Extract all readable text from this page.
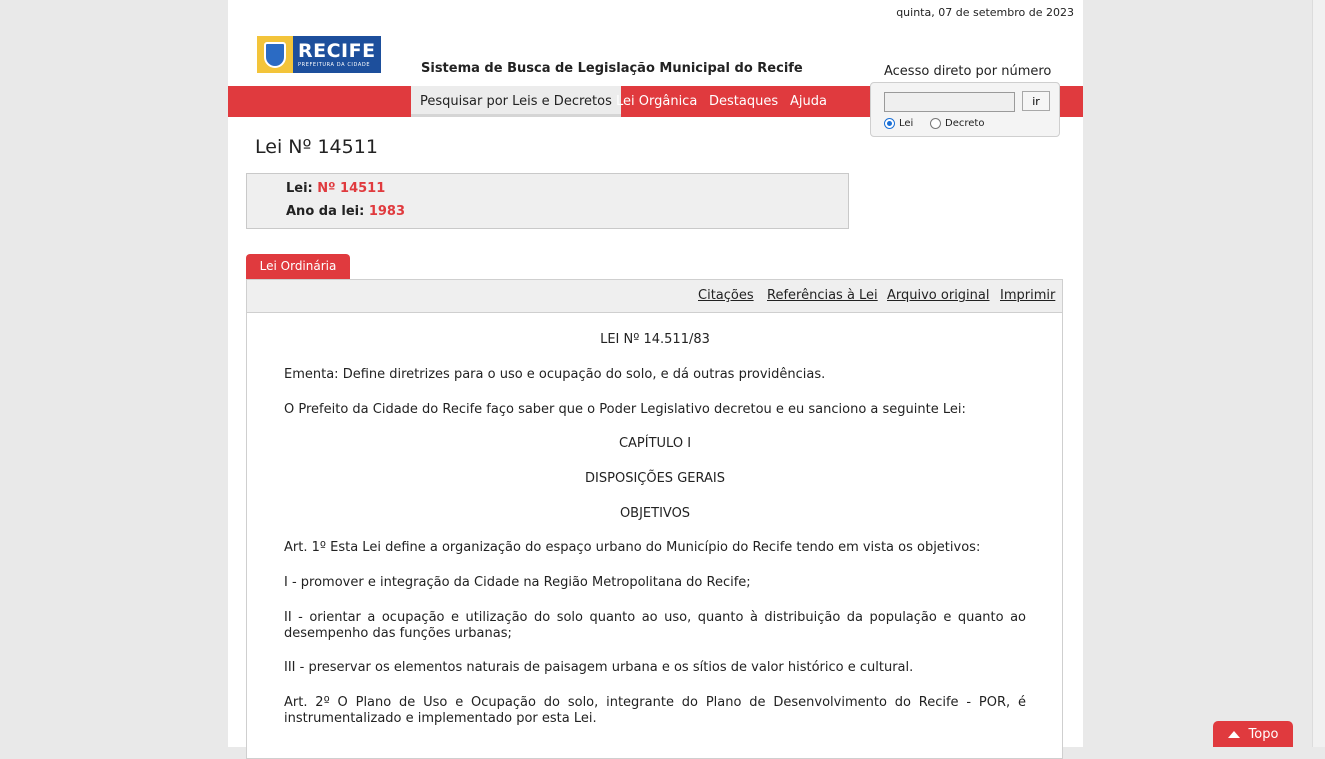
quinta, 07 de setembro de 2023
RECIFE
PREFEITURA DA CIDADE	Sistema de Busca de Legislação Municipal do Recife
Pesquisar por Leis e Decretos Lei Orgânica Destaques Ajuda
Acesso direto por número
ir
Lei	Decreto
Lei Nº 14511
Lei: Nº 14511
Ano da lei: 1983
Lei Ordinária
Citações Referências à Lei Arquivo original Imprimir

LEI Nº 14.511/83

Ementa: Define diretrizes para o uso e ocupação do solo, e dá outras providências.

O Prefeito da Cidade do Recife faço saber que o Poder Legislativo decretou e eu sanciono a seguinte Lei:

CAPÍTULO I

DISPOSIÇÕES GERAIS

OBJETIVOS

Art. 1º Esta Lei define a organização do espaço urbano do Município do Recife tendo em vista os objetivos:

I - promover e integração da Cidade na Região Metropolitana do Recife;

II - orientar a ocupação e utilização do solo quanto ao uso, quanto à distribuição da população e quanto ao desempenho das funções urbanas;

III - preservar os elementos naturais de paisagem urbana e os sítios de valor histórico e cultural.

Art. 2º O Plano de Uso e Ocupação do solo, integrante do Plano de Desenvolvimento do Recife - POR, é instrumentalizado e implementado por esta Lei.

Topo
